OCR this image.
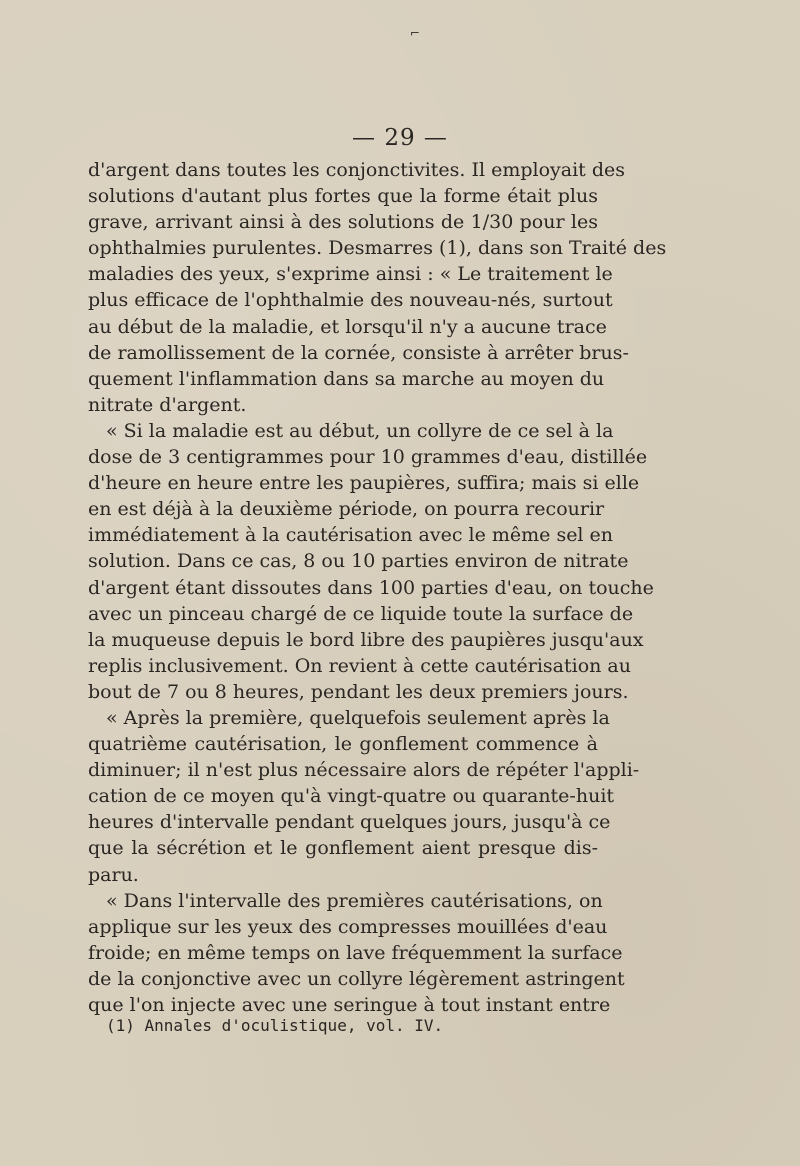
⌐
— 29 —
d'argent dans toutes les conjonctivites. Il employait des
solutions d'autant plus fortes que la forme était plus
grave, arrivant ainsi à des solutions de 1/30 pour les
ophthalmies purulentes. Desmarres (1), dans son Traité des
maladies des yeux, s'exprime ainsi : « Le traitement le
plus efficace de l'ophthalmie des nouveau-nés, surtout
au début de la maladie, et lorsqu'il n'y a aucune trace
de ramollissement de la cornée, consiste à arrêter brus-
quement l'inflammation dans sa marche au moyen du
nitrate d'argent.
« Si la maladie est au début, un collyre de ce sel à la
dose de 3 centigrammes pour 10 grammes d'eau, distillée
d'heure en heure entre les paupières, suffira; mais si elle
en est déjà à la deuxième période, on pourra recourir
immédiatement à la cautérisation avec le même sel en
solution. Dans ce cas, 8 ou 10 parties environ de nitrate
d'argent étant dissoutes dans 100 parties d'eau, on touche
avec un pinceau chargé de ce liquide toute la surface de
la muqueuse depuis le bord libre des paupières jusqu'aux
replis inclusivement. On revient à cette cautérisation au
bout de 7 ou 8 heures, pendant les deux premiers jours.
« Après la première, quelquefois seulement après la
quatrième cautérisation, le gonflement commence à
diminuer; il n'est plus nécessaire alors de répéter l'appli-
cation de ce moyen qu'à vingt-quatre ou quarante-huit
heures d'intervalle pendant quelques jours, jusqu'à ce
que la sécrétion et le gonflement aient presque dis-
paru.
« Dans l'intervalle des premières cautérisations, on
applique sur les yeux des compresses mouillées d'eau
froide; en même temps on lave fréquemment la surface
de la conjonctive avec un collyre légèrement astringent
que l'on injecte avec une seringue à tout instant entre
(1) Annales d'oculistique, vol. IV.
